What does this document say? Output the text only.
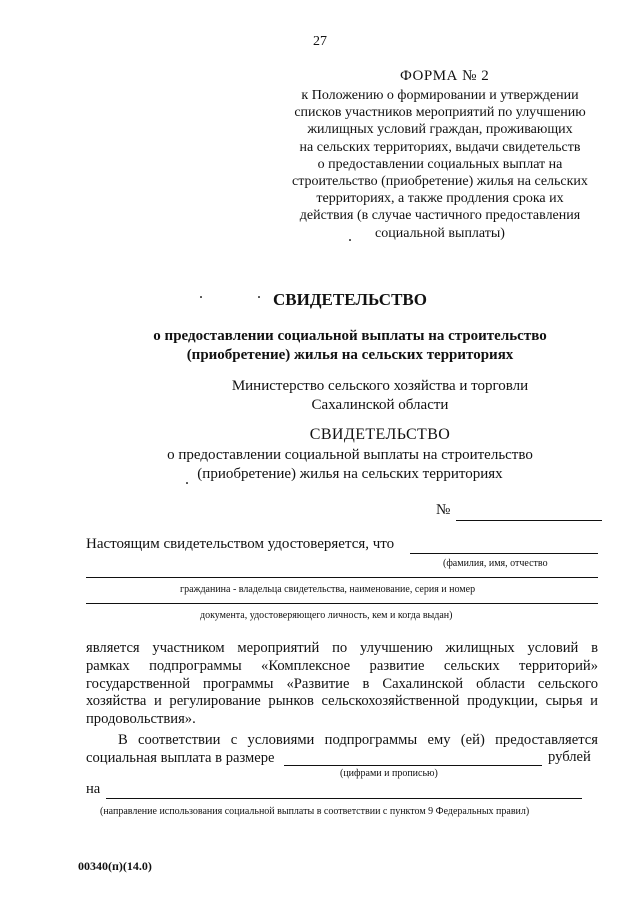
27
ФОРМА № 2
к Положению о формировании и утверждении
списков участников мероприятий по улучшению
жилищных условий граждан, проживающих
на сельских территориях, выдачи свидетельств
о предоставлении социальных выплат на
строительство (приобретение) жилья на сельских
территориях, а также продления срока их
действия (в случае частичного предоставления
социальной выплаты)
СВИДЕТЕЛЬСТВО
о предоставлении социальной выплаты на строительство
(приобретение) жилья на сельских территориях
Министерство сельского хозяйства и торговли
Сахалинской области
СВИДЕТЕЛЬСТВО
о предоставлении социальной выплаты на строительство
(приобретение) жилья на сельских территориях
№
Настоящим свидетельством удостоверяется, что
(фамилия, имя, отчество
гражданина - владельца свидетельства, наименование, серия и номер
документа, удостоверяющего личность, кем и когда выдан)
является участником мероприятий по улучшению жилищных условий в
рамках подпрограммы «Комплексное развитие сельских территорий»
государственной программы «Развитие в Сахалинской области сельского
хозяйства и регулирование рынков сельскохозяйственной продукции, сырья и
продовольствия».
В соответствии с условиями подпрограммы ему (ей) предоставляется
социальная выплата в размере	рублей
(цифрами и прописью)
на
(направление использования социальной выплаты в соответствии с пунктом 9 Федеральных правил)
00340(п)(14.0)
